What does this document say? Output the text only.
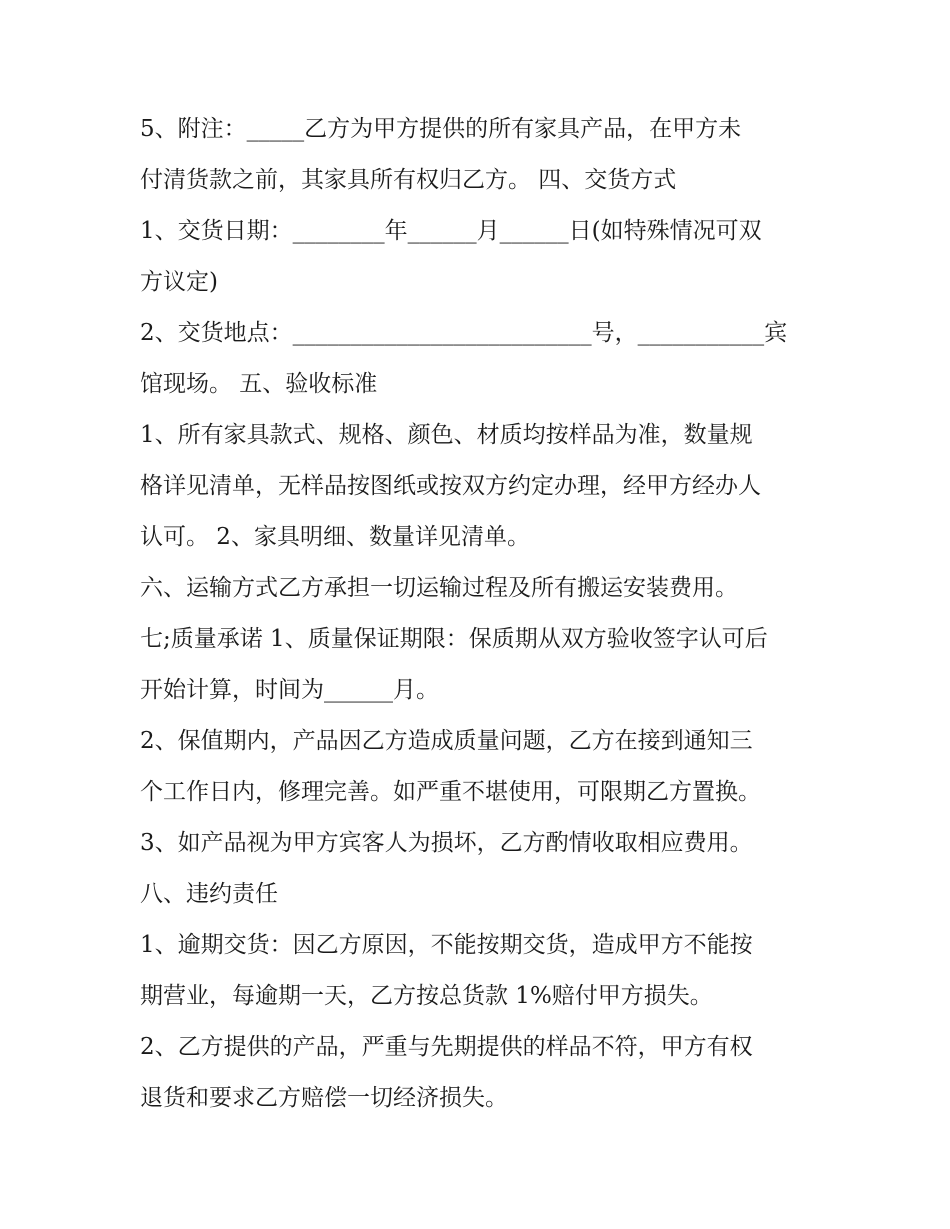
5、附注：_____乙方为甲方提供的所有家具产品，在甲方未
付清货款之前，其家具所有权归乙方。 四、交货方式
1、交货日期：________年______月______日(如特殊情况可双
方议定)
2、交货地点：__________________________号，___________宾
馆现场。 五、验收标准
1、所有家具款式、规格、颜色、材质均按样品为准，数量规
格详见清单，无样品按图纸或按双方约定办理，经甲方经办人
认可。 2、家具明细、数量详见清单。
六、运输方式乙方承担一切运输过程及所有搬运安装费用。
七;质量承诺 1、质量保证期限：保质期从双方验收签字认可后
开始计算，时间为______月。
2、保值期内，产品因乙方造成质量问题，乙方在接到通知三
个工作日内，修理完善。如严重不堪使用，可限期乙方置换。
3、如产品视为甲方宾客人为损坏，乙方酌情收取相应费用。
八、违约责任
1、逾期交货：因乙方原因，不能按期交货，造成甲方不能按
期营业，每逾期一天，乙方按总货款 1%赔付甲方损失。
2、乙方提供的产品，严重与先期提供的样品不符，甲方有权
退货和要求乙方赔偿一切经济损失。
